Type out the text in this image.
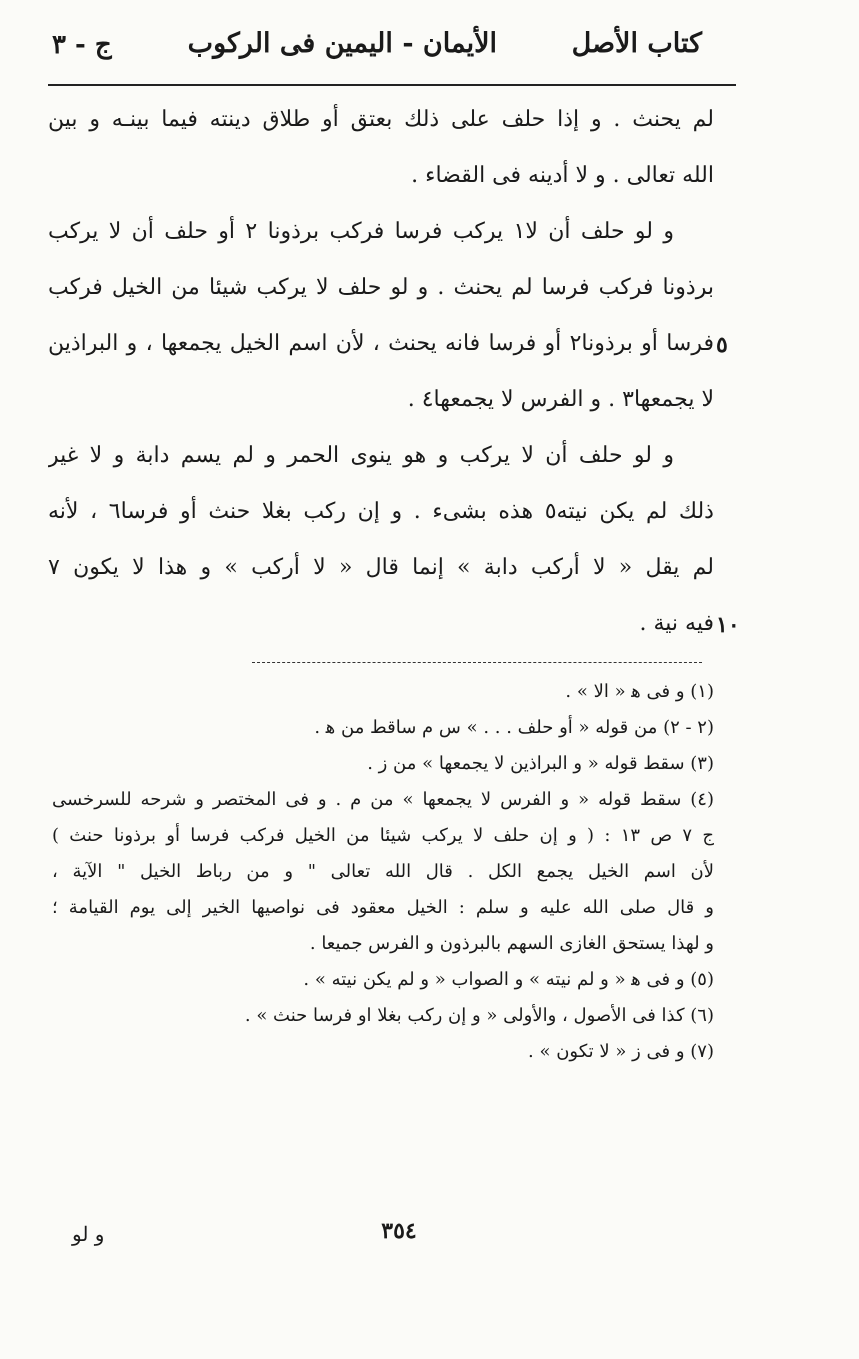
كتاب الأصل
الأيمان - اليمين فى الركوب
ج - ٣
لم يحنث . و إذا حلف على ذلك بعتق أو طلاق دينته فيما بينـه و بين
الله تعالى . و لا أدينه فى القضاء .
و لو حلف أن لا١ يركب فرسا فركب برذونا ٢ أو حلف أن لا يركب
برذونا فركب فرسا لم يحنث . و لو حلف لا يركب شيئا من الخيل فركب
فرسا أو برذونا٢ أو فرسا فانه يحنث ، لأن اسم الخيل يجمعها ، و البراذين
لا يجمعها٣ . و الفرس لا يجمعها٤ .
و لو حلف أن لا يركب و هو ينوى الحمر و لم يسم دابة و لا غير
ذلك لم يكن نيته٥ هذه بشىء . و إن ركب بغلا حنث أو فرسا٦ ، لأنه
لم يقل « لا أركب دابة » إنما قال « لا أركب » و هذا لا يكون ٧
فيه نية .
٥
١٠
(١) و فى ﻫ « الا » .
(٢ - ٢) من قوله « أو حلف . . . » س م ساقط من ﻫ .
(٣) سقط قوله « و البراذين لا يجمعها » من ز .
(٤) سقط قوله « و الفرس لا يجمعها » من م . و فى المختصر و شرحه للسرخسى
ج ٧ ص ١٣ : ( و إن حلف لا يركب شيئا من الخيل فركب فرسا أو برذونا حنث )
لأن اسم الخيل يجمع الكل . قال الله تعالى " و من رباط الخيل " الآية ،
و قال صلى الله عليه و سلم : الخيل معقود فى نواصيها الخير إلى يوم القيامة ؛
و لهذا يستحق الغازى السهم بالبرذون و الفرس جميعا .
(٥) و فى ﻫ « و لم نيته » و الصواب « و لم يكن نيته » .
(٦) كذا فى الأصول ، والأولى « و إن ركب بغلا او فرسا حنث » .
(٧) و فى ز « لا تكون » .
٣٥٤
و لو
